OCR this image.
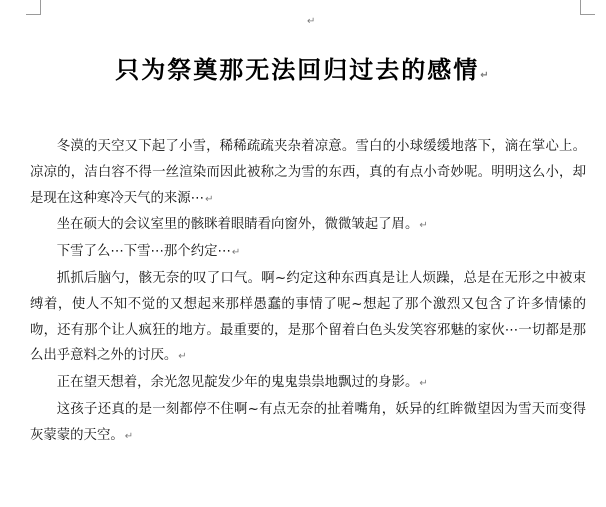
↵
只为祭奠那无法回归过去的感情↵

冬漠的天空又下起了小雪，稀稀疏疏夹杂着凉意。雪白的小球缓缓地落下，滴在掌心上。凉凉的，洁白容不得一丝渲染而因此被称之为雪的东西，真的有点小奇妙呢。明明这么小，却是现在这种寒冷天气的来源⋯↵

坐在硕大的会议室里的骸眯着眼睛看向窗外，微微皱起了眉。↵

下雪了么⋯下雪⋯那个约定⋯↵

抓抓后脑勺，骸无奈的叹了口气。啊~约定这种东西真是让人烦躁，总是在无形之中被束缚着，使人不知不觉的又想起来那样愚蠢的事情了呢~想起了那个激烈又包含了许多情愫的吻，还有那个让人疯狂的地方。最重要的，是那个留着白色头发笑容邪魅的家伙⋯一切都是那么出乎意料之外的讨厌。↵

正在望天想着，余光忽见靛发少年的鬼鬼祟祟地飘过的身影。↵

这孩子还真的是一刻都停不住啊~有点无奈的扯着嘴角，妖异的红眸微望因为雪天而变得灰蒙蒙的天空。↵
